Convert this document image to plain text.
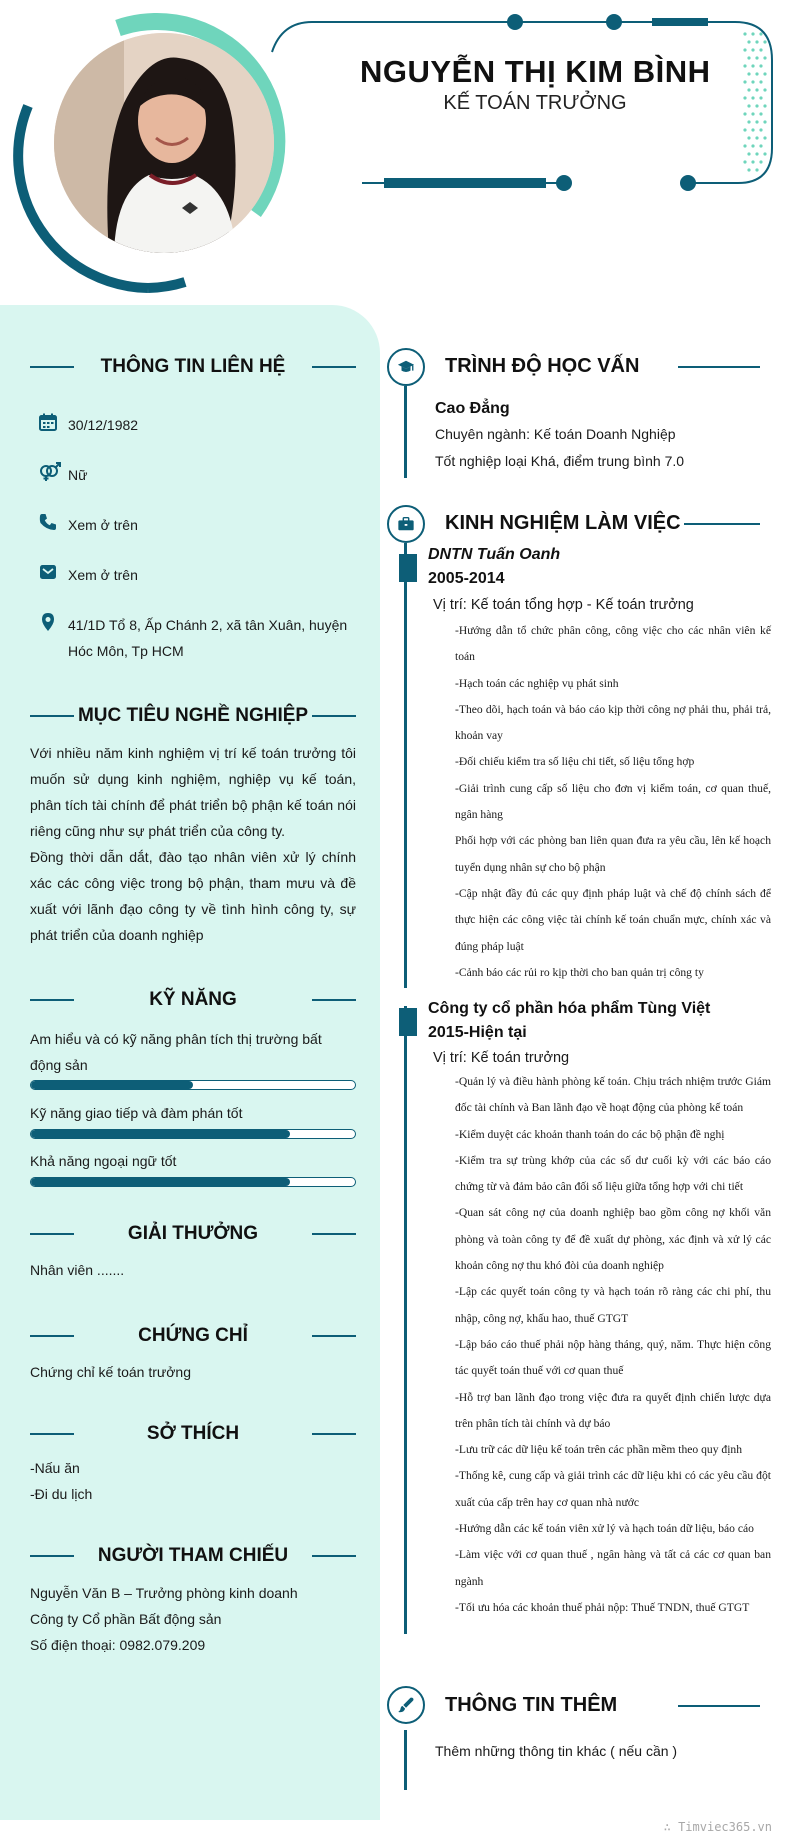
NGUYỄN THỊ KIM BÌNH
KẾ TOÁN TRƯỞNG
THÔNG TIN LIÊN HỆ
30/12/1982
Nữ
Xem ở trên
Xem ở trên
41/1D Tổ 8, Ấp Chánh 2, xã tân Xuân, huyện Hóc Môn, Tp HCM
MỤC TIÊU NGHỀ NGHIỆP
Với nhiều năm kinh nghiệm vị trí kế toán trưởng tôi muốn sử dụng kinh nghiệm, nghiệp vụ kế toán, phân tích tài chính để phát triển bộ phận kế toán nói riêng cũng như sự phát triển của công ty.
Đồng thời dẫn dắt, đào tạo nhân viên xử lý chính xác các công việc trong bộ phận, tham mưu và đề xuất với lãnh đạo công ty về tình hình công ty, sự phát triển của doanh nghiệp
KỸ NĂNG
Am hiểu và có kỹ năng phân tích thị trường bất động sản
Kỹ năng giao tiếp và đàm phán tốt
Khả năng ngoại ngữ tốt
GIẢI THƯỞNG
Nhân viên .......
CHỨNG CHỈ
Chứng chỉ kế toán trưởng
SỞ THÍCH
-Nấu ăn
-Đi du lịch
NGƯỜI THAM CHIẾU
Nguyễn Văn B – Trưởng phòng kinh doanh
Công ty Cổ phần Bất động sản
Số điện thoại: 0982.079.209
TRÌNH ĐỘ HỌC VẤN
Cao Đẳng
Chuyên ngành: Kế toán Doanh Nghiệp
Tốt nghiệp loại Khá, điểm trung bình 7.0
KINH NGHIỆM LÀM VIỆC
DNTN Tuấn Oanh
2005-2014
Vị trí: Kế toán tổng hợp - Kế toán trưởng
-Hướng dẫn tổ chức phân công, công việc cho các nhân viên kế toán
-Hạch toán các nghiệp vụ phát sinh
-Theo dõi, hạch toán và báo cáo kịp thời công nợ phải thu, phải trả, khoản vay
-Đối chiếu kiểm tra số liệu chi tiết, số liệu tổng hợp
-Giải trình cung cấp số liệu cho đơn vị kiểm toán, cơ quan thuế, ngân hàng
Phối hợp với các phòng ban liên quan đưa ra yêu cầu, lên kế hoạch tuyển dụng nhân sự cho bộ phận
-Cập nhật đầy đủ các quy định pháp luật và chế độ chính sách để thực hiện các công việc tài chính kế toán chuẩn mực, chính xác và đúng pháp luật
-Cảnh báo các rủi ro kịp thời cho ban quản trị công ty
Công ty cổ phần hóa phẩm Tùng Việt
2015-Hiện tại
Vị trí: Kế toán trưởng
-Quản lý và điều hành phòng kế toán. Chịu trách nhiệm trước Giám đốc tài chính và Ban lãnh đạo về hoạt động của phòng kế toán
-Kiểm duyệt các khoản thanh toán do các bộ phận đề nghị
-Kiểm tra sự trùng khớp của các số dư cuối kỳ với các báo cáo chứng từ và đảm bảo cân đối số liệu giữa tổng hợp với chi tiết
-Quan sát công nợ của doanh nghiệp bao gồm công nợ khối văn phòng và toàn công ty để đề xuất dự phòng, xác định và xử lý các khoản công nợ thu khó đòi của doanh nghiệp
-Lập các quyết toán công ty và hạch toán rõ ràng các chi phí, thu nhập, công nợ, khấu hao, thuế GTGT
-Lập báo cáo thuế phải nộp hàng tháng, quý, năm. Thực hiện công tác quyết toán thuế với cơ quan thuế
-Hỗ trợ ban lãnh đạo trong việc đưa ra quyết định chiến lược dựa trên phân tích tài chính và dự báo
-Lưu trữ các dữ liệu kế toán trên các phần mềm theo quy định
-Thống kê, cung cấp và giải trình các dữ liệu khi có các yêu cầu đột xuất của cấp trên hay cơ quan nhà nước
-Hướng dẫn các kế toán viên xử lý và hạch toán dữ liệu, báo cáo
-Làm việc với cơ quan thuế , ngân hàng và tất cả các cơ quan ban ngành
-Tối ưu hóa các khoản thuế phải nộp: Thuế TNDN, thuế GTGT
THÔNG TIN THÊM
Thêm những thông tin khác ( nếu cần )
∴ Timviec365.vn
